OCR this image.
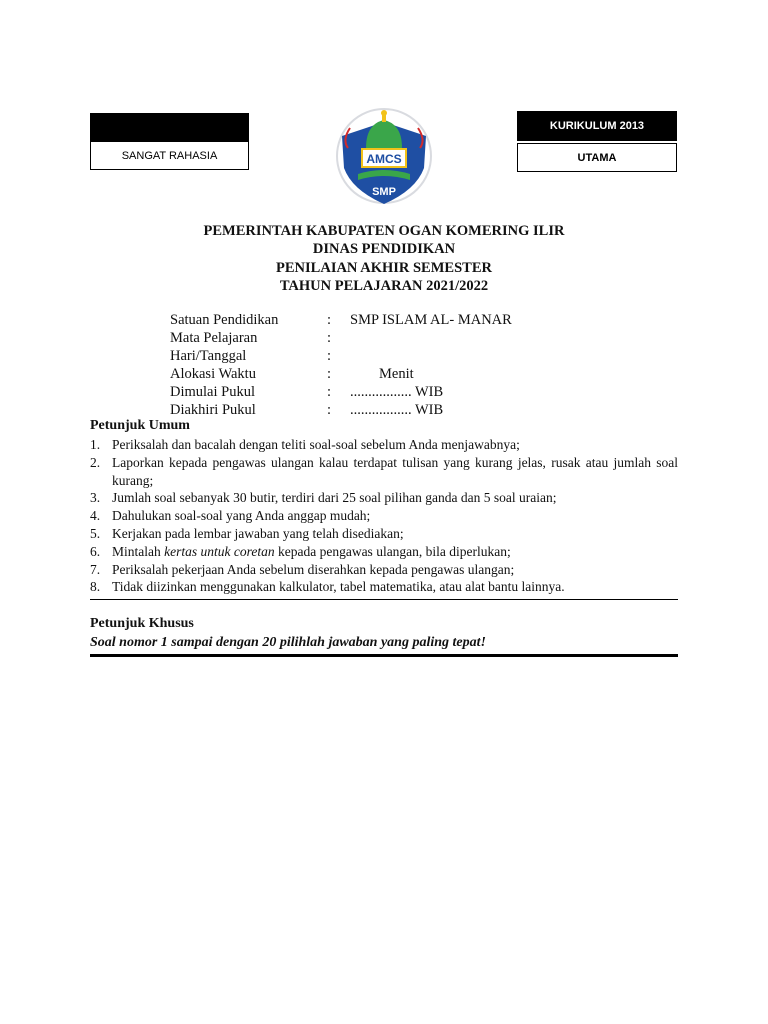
SANGAT RAHASIA
KURIKULUM 2013
UTAMA
AMCS
SMP
PEMERINTAH KABUPATEN OGAN KOMERING ILIR
DINAS PENDIDIKAN
PENILAIAN AKHIR SEMESTER
TAHUN PELAJARAN 2021/2022
Satuan Pendidikan	: SMP ISLAM AL- MANAR
Mata Pelajaran	:
Hari/Tanggal	:
Alokasi Waktu	: Menit
Dimulai Pukul	: ................. WIB
Diakhiri Pukul	: ................. WIB
Petunjuk Umum
1. Periksalah dan bacalah dengan teliti soal-soal sebelum Anda menjawabnya;
2. Laporkan kepada pengawas ulangan kalau terdapat tulisan yang kurang jelas, rusak atau jumlah soal kurang;
3. Jumlah soal sebanyak 30 butir, terdiri dari 25 soal pilihan ganda dan 5 soal uraian;
4. Dahulukan soal-soal yang Anda anggap mudah;
5. Kerjakan pada lembar jawaban yang telah disediakan;
6. Mintalah kertas untuk coretan kepada pengawas ulangan, bila diperlukan;
7. Periksalah pekerjaan Anda sebelum diserahkan kepada pengawas ulangan;
8. Tidak diizinkan menggunakan kalkulator, tabel matematika, atau alat bantu lainnya.
Petunjuk Khusus
Soal nomor 1 sampai dengan 20 pilihlah jawaban yang paling tepat!
